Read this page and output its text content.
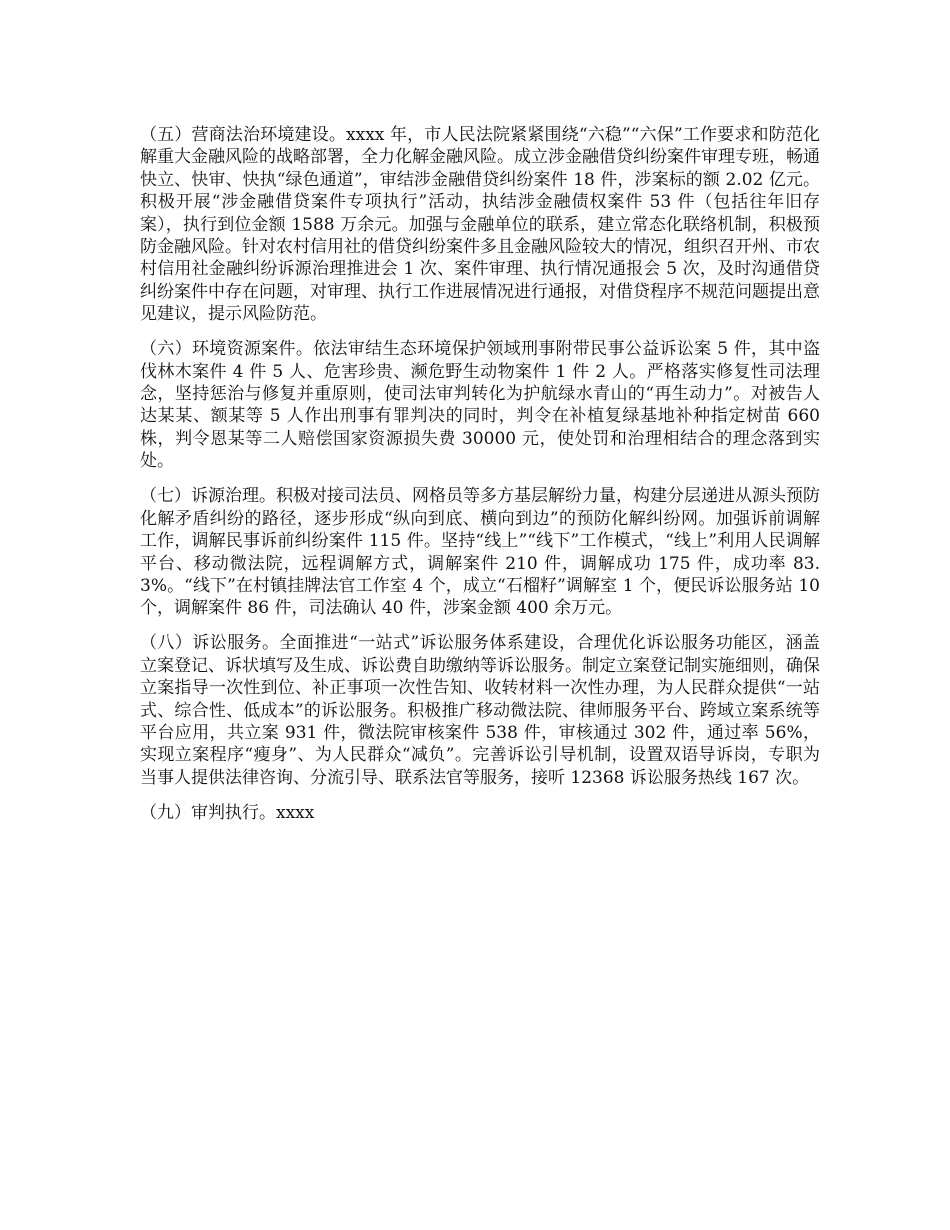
（五）营商法治环境建设。xxxx 年，市人民法院紧紧围绕“六稳”“六保”工作要求和防范化解重大金融风险的战略部署，全力化解金融风险。成立涉金融借贷纠纷案件审理专班，畅通快立、快审、快执“绿色通道”，审结涉金融借贷纠纷案件 18 件，涉案标的额 2.02 亿元。积极开展“涉金融借贷案件专项执行”活动，执结涉金融债权案件 53 件（包括往年旧存案），执行到位金额 1588 万余元。加强与金融单位的联系，建立常态化联络机制，积极预防金融风险。针对农村信用社的借贷纠纷案件多且金融风险较大的情况，组织召开州、市农村信用社金融纠纷诉源治理推进会 1 次、案件审理、执行情况通报会 5 次，及时沟通借贷纠纷案件中存在问题，对审理、执行工作进展情况进行通报，对借贷程序不规范问题提出意见建议，提示风险防范。

（六）环境资源案件。依法审结生态环境保护领域刑事附带民事公益诉讼案 5 件，其中盗伐林木案件 4 件 5 人、危害珍贵、濒危野生动物案件 1 件 2 人。严格落实修复性司法理念，坚持惩治与修复并重原则，使司法审判转化为护航绿水青山的“再生动力”。对被告人达某某、额某等 5 人作出刑事有罪判决的同时，判令在补植复绿基地补种指定树苗 660 株，判令恩某等二人赔偿国家资源损失费 30000 元，使处罚和治理相结合的理念落到实处。

（七）诉源治理。积极对接司法员、网格员等多方基层解纷力量，构建分层递进从源头预防化解矛盾纠纷的路径，逐步形成“纵向到底、横向到边”的预防化解纠纷网。加强诉前调解工作，调解民事诉前纠纷案件 115 件。坚持“线上”“线下”工作模式，“线上”利用人民调解平台、移动微法院，远程调解方式，调解案件 210 件，调解成功 175 件，成功率 83.3%。“线下”在村镇挂牌法官工作室 4 个，成立“石榴籽”调解室 1 个，便民诉讼服务站 10 个，调解案件 86 件，司法确认 40 件，涉案金额 400 余万元。

（八）诉讼服务。全面推进“一站式”诉讼服务体系建设，合理优化诉讼服务功能区，涵盖立案登记、诉状填写及生成、诉讼费自助缴纳等诉讼服务。制定立案登记制实施细则，确保立案指导一次性到位、补正事项一次性告知、收转材料一次性办理，为人民群众提供“一站式、综合性、低成本”的诉讼服务。积极推广移动微法院、律师服务平台、跨域立案系统等平台应用，共立案 931 件，微法院审核案件 538 件，审核通过 302 件，通过率 56%，实现立案程序“瘦身”、为人民群众“减负”。完善诉讼引导机制，设置双语导诉岗，专职为当事人提供法律咨询、分流引导、联系法官等服务，接听 12368 诉讼服务热线 167 次。

（九）审判执行。xxxx
